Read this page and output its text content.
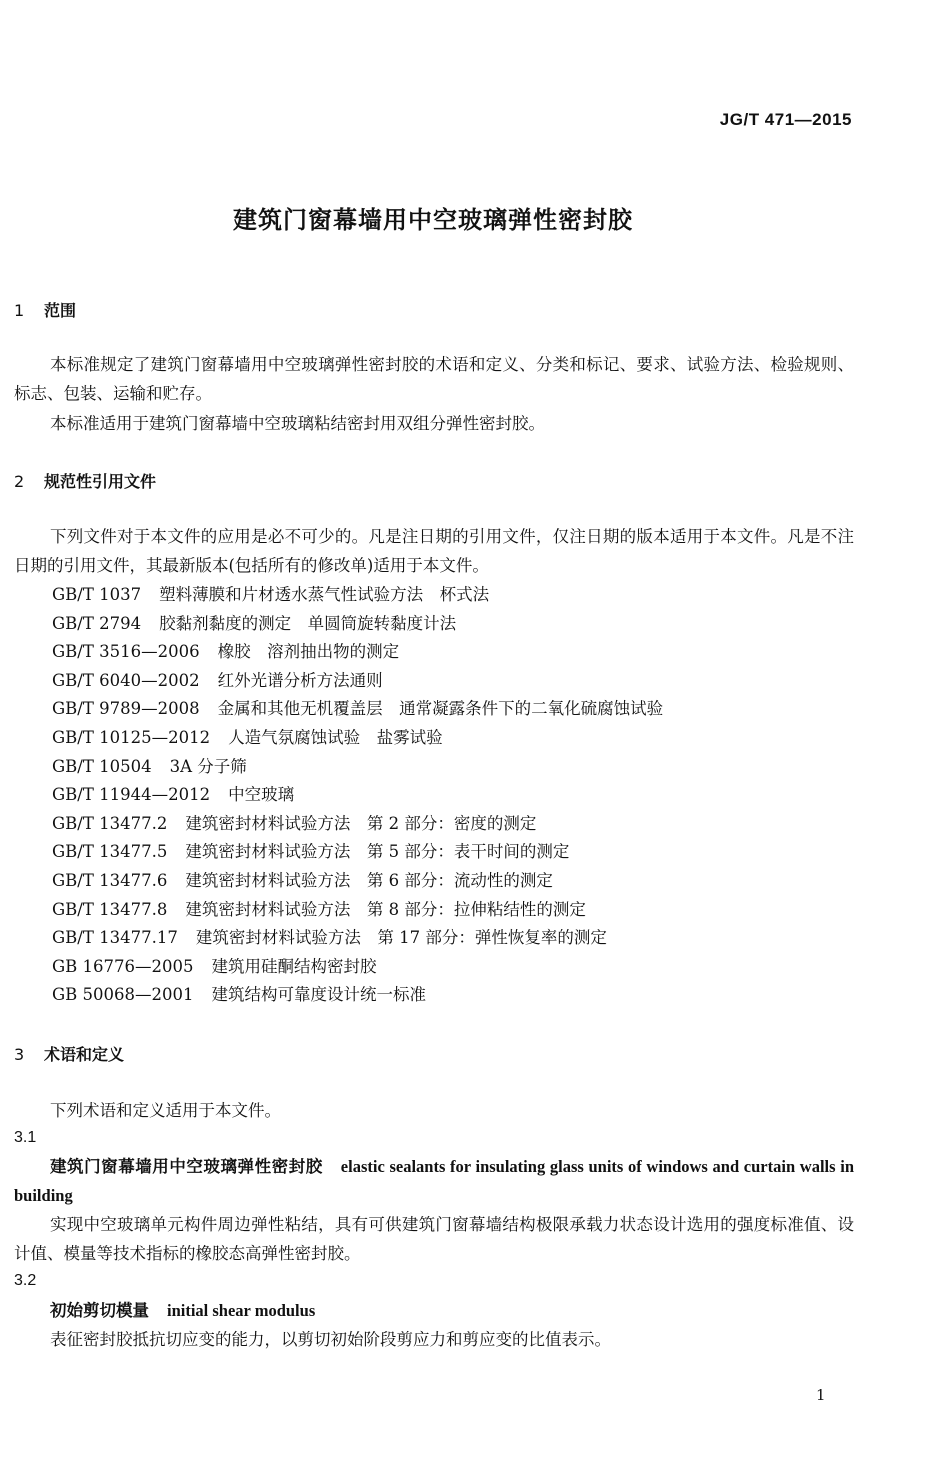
JG/T 471—2015
建筑门窗幕墙用中空玻璃弹性密封胶
1 范围
本标准规定了建筑门窗幕墙用中空玻璃弹性密封胶的术语和定义、分类和标记、要求、试验方法、检验规则、标志、包装、运输和贮存。
本标准适用于建筑门窗幕墙中空玻璃粘结密封用双组分弹性密封胶。
2 规范性引用文件
下列文件对于本文件的应用是必不可少的。凡是注日期的引用文件，仅注日期的版本适用于本文件。凡是不注日期的引用文件，其最新版本(包括所有的修改单)适用于本文件。
GB/T 1037 塑料薄膜和片材透水蒸气性试验方法　杯式法
GB/T 2794 胶黏剂黏度的测定　单圆筒旋转黏度计法
GB/T 3516—2006 橡胶　溶剂抽出物的测定
GB/T 6040—2002 红外光谱分析方法通则
GB/T 9789—2008 金属和其他无机覆盖层　通常凝露条件下的二氧化硫腐蚀试验
GB/T 10125—2012 人造气氛腐蚀试验　盐雾试验
GB/T 10504 3A 分子筛
GB/T 11944—2012 中空玻璃
GB/T 13477.2 建筑密封材料试验方法　第 2 部分：密度的测定
GB/T 13477.5 建筑密封材料试验方法　第 5 部分：表干时间的测定
GB/T 13477.6 建筑密封材料试验方法　第 6 部分：流动性的测定
GB/T 13477.8 建筑密封材料试验方法　第 8 部分：拉伸粘结性的测定
GB/T 13477.17 建筑密封材料试验方法　第 17 部分：弹性恢复率的测定
GB 16776—2005 建筑用硅酮结构密封胶
GB 50068—2001 建筑结构可靠度设计统一标准
3 术语和定义
下列术语和定义适用于本文件。
3.1
建筑门窗幕墙用中空玻璃弹性密封胶 elastic sealants for insulating glass units of windows and curtain walls in building
实现中空玻璃单元构件周边弹性粘结，具有可供建筑门窗幕墙结构极限承载力状态设计选用的强度标准值、设计值、模量等技术指标的橡胶态高弹性密封胶。
3.2
初始剪切模量 initial shear modulus
表征密封胶抵抗切应变的能力，以剪切初始阶段剪应力和剪应变的比值表示。
1
